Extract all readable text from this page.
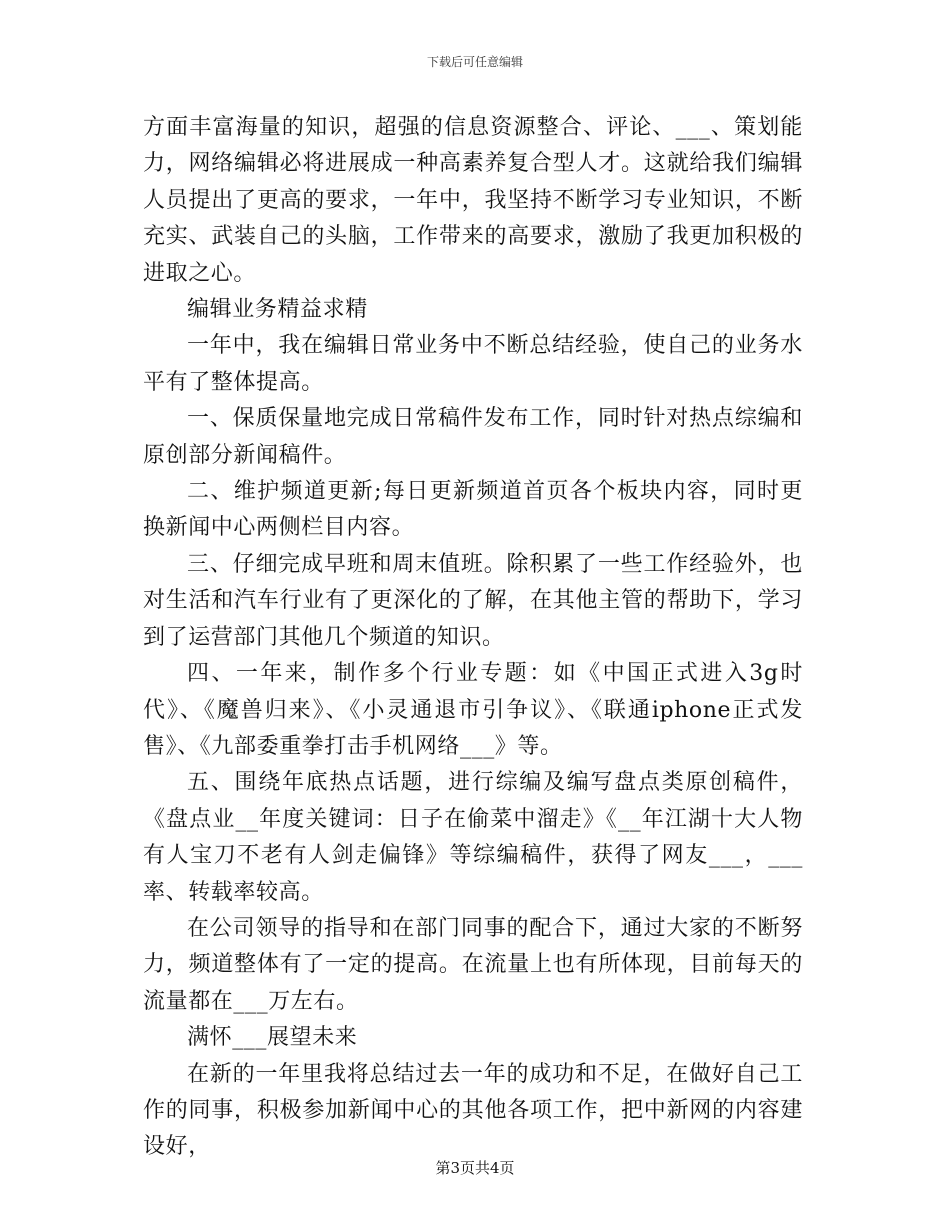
下载后可任意编辑

方面丰富海量的知识，超强的信息资源整合、评论、___、策划能力，网络编辑必将进展成一种高素养复合型人才。这就给我们编辑人员提出了更高的要求，一年中，我坚持不断学习专业知识，不断充实、武装自己的头脑，工作带来的高要求，激励了我更加积极的进取之心。

编辑业务精益求精

一年中，我在编辑日常业务中不断总结经验，使自己的业务水平有了整体提高。

一、保质保量地完成日常稿件发布工作，同时针对热点综编和原创部分新闻稿件。

二、维护频道更新;每日更新频道首页各个板块内容，同时更换新闻中心两侧栏目内容。

三、仔细完成早班和周末值班。除积累了一些工作经验外，也对生活和汽车行业有了更深化的了解，在其他主管的帮助下，学习到了运营部门其他几个频道的知识。

四、一年来，制作多个行业专题：如《中国正式进入3g时代》、《魔兽归来》、《小灵通退市引争议》、《联通iphone正式发售》、《九部委重拳打击手机网络___》等。

五、围绕年底热点话题，进行综编及编写盘点类原创稿件，《盘点业__年度关键词：日子在偷菜中溜走》《__年江湖十大人物有人宝刀不老有人剑走偏锋》等综编稿件，获得了网友___，___率、转载率较高。

在公司领导的指导和在部门同事的配合下，通过大家的不断努力，频道整体有了一定的提高。在流量上也有所体现，目前每天的流量都在___万左右。

满怀___展望未来

在新的一年里我将总结过去一年的成功和不足，在做好自己工作的同事，积极参加新闻中心的其他各项工作，把中新网的内容建设好，

第3页共4页
